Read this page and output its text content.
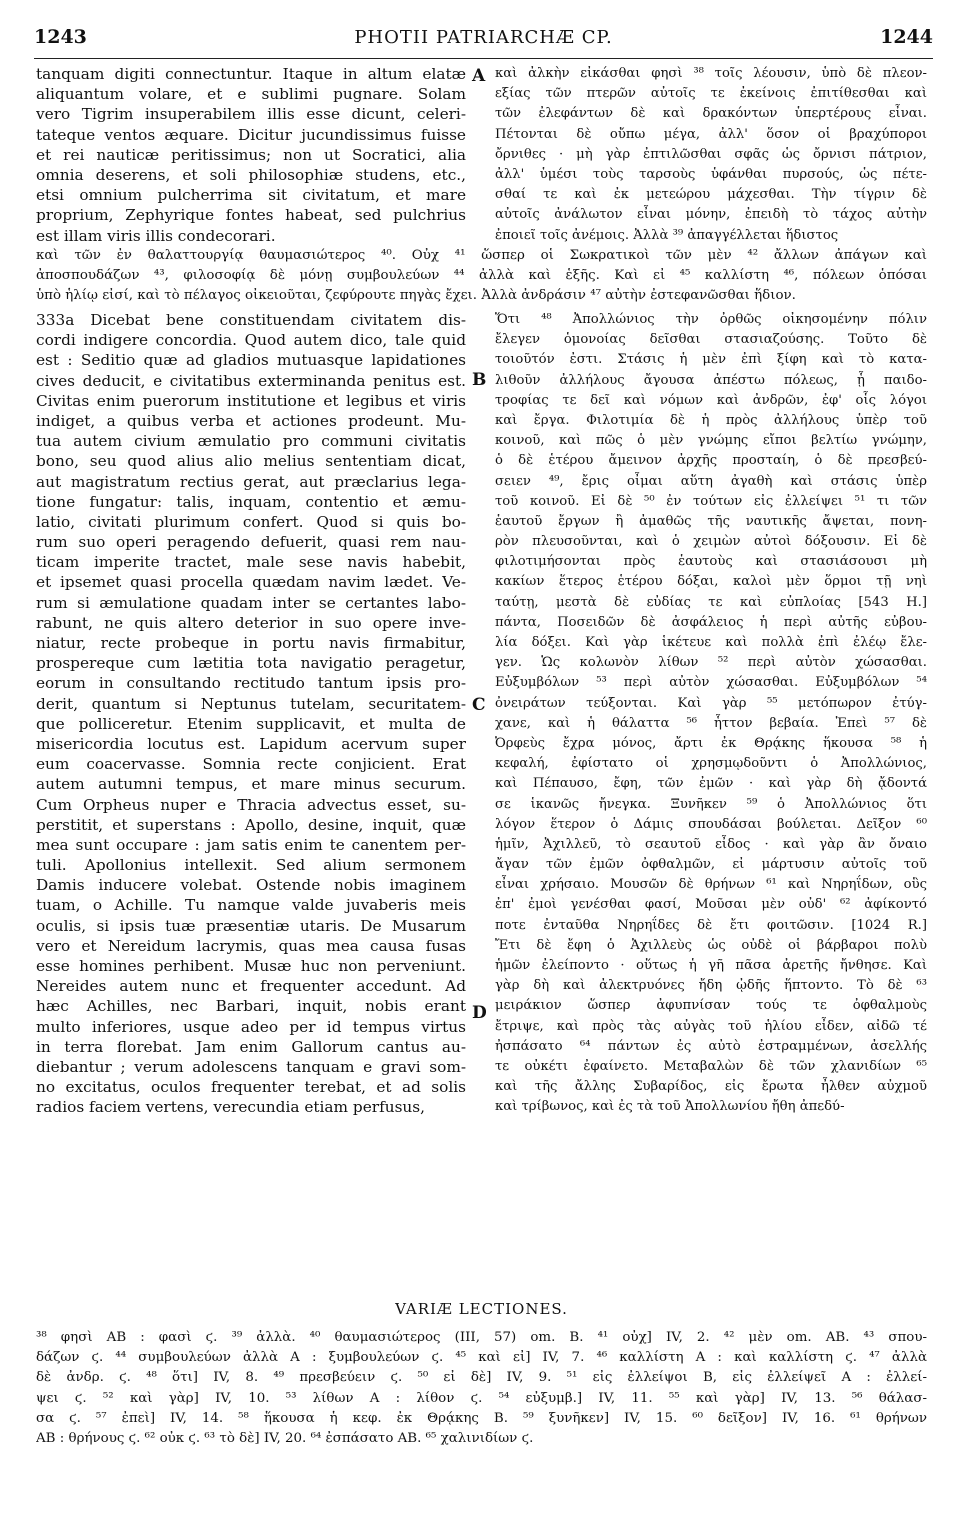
1243	PHOTII PATRIARCHÆ CP.	1244
tanquam digiti connectuntur. Itaque in altum elatæ
aliquantum volare, et e sublimi pugnare. Solam
vero Tigrim insuperabilem illis esse dicunt, celeri-
tateque ventos æquare. Dicitur jucundissimus fuisse
et rei nauticæ peritissimus; non ut Socratici, alia
omnia deserens, et soli philosophiæ studens, etc.,
etsi omnium pulcherrima sit civitatum, et mare
proprium, Zephyrique fontes habeat, sed pulchrius
est illam viris illis condecorari.
καὶ ἀλκὴν εἰκάσθαι φησὶ ³⁸ τοῖς λέουσιν, ὑπὸ δὲ πλεον-
εξίας τῶν πτερῶν αὐτοῖς τε ἐκείνοις ἐπιτίθεσθαι καὶ
τῶν ἐλεφάντων δὲ καὶ δρακόντων ὑπερτέρους εἶναι.
Πέτονται δὲ οὔπω μέγα, ἀλλ' ὅσον οἱ βραχύποροι
ὄρνιθες · μὴ γὰρ ἐπτιλῶσθαι σφᾶς ὡς ὄρνισι πάτριον,
ἀλλ' ὑμέσι τοὺς ταρσοὺς ὑφάνθαι πυρσούς, ὡς πέτε-
σθαί τε καὶ ἐκ μετεώρου μάχεσθαι. Τὴν τίγριν δὲ
αὐτοῖς ἀνάλωτον εἶναι μόνην, ἐπειδὴ τὸ τάχος αὐτὴν
ἐποιεῖ τοῖς ἀνέμοις. Ἀλλὰ ³⁹ ἀπαγγέλλεται ἥδιστος
A
καὶ τῶν ἐν θαλαττουργίᾳ θαυμασιώτερος ⁴⁰. Οὐχ ⁴¹ ὥσπερ οἱ Σωκρατικοὶ τῶν μὲν ⁴² ἄλλων ἀπάγων καὶ
ἀποσπουδάζων ⁴³, φιλοσοφίᾳ δὲ μόνῃ συμβουλεύων ⁴⁴ ἀλλὰ καὶ ἑξῆς. Καὶ εἰ ⁴⁵ καλλίστη ⁴⁶, πόλεων ὁπόσαι
ὑπὸ ἡλίῳ εἰσί, καὶ τὸ πέλαγος οἰκειοῦται, ζεφύρουτε πηγὰς ἔχει. Ἀλλὰ ἀνδράσιν ⁴⁷ αὐτὴν ἐστεφανῶσθαι ἥδιον.
333a Dicebat bene constituendam civitatem dis-
cordi indigere concordia. Quod autem dico, tale quid
est : Seditio quæ ad gladios mutuasque lapidationes
cives deducit, e civitatibus exterminanda penitus est.
Civitas enim puerorum institutione et legibus et viris
indiget, a quibus verba et actiones prodeunt. Mu-
tua autem civium æmulatio pro communi civitatis
bono, seu quod alius alio melius sententiam dicat,
aut magistratum rectius gerat, aut præclarius lega-
tione fungatur: talis, inquam, contentio et æmu-
latio, civitati plurimum confert. Quod si quis bo-
rum suo operi peragendo defuerit, quasi rem nau-
ticam imperite tractet, male sese navis habebit,
et ipsemet quasi procella quædam navim lædet. Ve-
rum si æmulatione quadam inter se certantes labo-
rabunt, ne quis altero deterior in suo opere inve-
niatur, recte probeque in portu navis firmabitur,
prospereque cum lætitia tota navigatio peragetur,
eorum in consultando rectitudo tantum ipsis pro-
derit, quantum si Neptunus tutelam, securitatem-
que polliceretur. Etenim supplicavit, et multa de
misericordia locutus est. Lapidum acervum super
eum coacervasse. Somnia recte conjicient. Erat
autem autumni tempus, et mare minus securum.
Cum Orpheus nuper e Thracia advectus esset, su-
perstitit, et superstans : Apollo, desine, inquit, quæ
mea sunt occupare : jam satis enim te canentem per-
tuli. Apollonius intellexit. Sed alium sermonem
Damis inducere volebat. Ostende nobis imaginem
tuam, o Achille. Tu namque valde juvaberis meis
oculis, si ipsis tuæ præsentiæ utaris. De Musarum
vero et Nereidum lacrymis, quas mea causa fusas
esse homines perhibent. Musæ huc non perveniunt.
Nereides autem nunc et frequenter accedunt. Ad
hæc Achilles, nec Barbari, inquit, nobis erant
multo inferiores, usque adeo per id tempus virtus
in terra florebat. Jam enim Gallorum cantus au-
diebantur ; verum adolescens tanquam e gravi som-
no excitatus, oculos frequenter terebat, et ad solis
radios faciem vertens, verecundia etiam perfusus,
Ὅτι ⁴⁸ Ἀπολλώνιος τὴν ὀρθῶς οἰκησομένην πόλιν
ἔλεγεν ὁμονοίας δεῖσθαι στασιαζούσης. Τοῦτο δὲ
τοιοῦτόν ἐστι. Στάσις ἡ μὲν ἐπὶ ξίφη καὶ τὸ κατα-
λιθοῦν ἀλλήλους ἄγουσα ἀπέστω πόλεως, ᾗ παιδο-
τροφίας τε δεῖ καὶ νόμων καὶ ἀνδρῶν, ἐφ' οἷς λόγοι
καὶ ἔργα. Φιλοτιμία δὲ ἡ πρὸς ἀλλήλους ὑπὲρ τοῦ
κοινοῦ, καὶ πῶς ὁ μὲν γνώμης εἴποι βελτίω γνώμην,
ὁ δὲ ἑτέρου ἄμεινον ἀρχῆς προσταίη, ὁ δὲ πρεσβεύ-
σειεν ⁴⁹, ἔρις οἶμαι αὕτη ἀγαθὴ καὶ στάσις ὑπὲρ
τοῦ κοινοῦ. Εἰ δὲ ⁵⁰ ἐν τούτων εἰς ἐλλείψει ⁵¹ τι τῶν
ἑαυτοῦ ἔργων ἢ ἀμαθῶς τῆς ναυτικῆς ἄψεται, πονη-
ρὸν πλευσοῦνται, καὶ ὁ χειμὼν αὐτοὶ δόξουσιν. Εἰ δὲ
φιλοτιμήσονται πρὸς ἑαυτοὺς καὶ στασιάσουσι μὴ
κακίων ἕτερος ἑτέρου δόξαι, καλοὶ μὲν ὅρμοι τῇ νηὶ
ταύτῃ, μεστὰ δὲ εὐδίας τε καὶ εὐπλοίας [543 H.]
πάντα, Ποσειδῶν δὲ ἀσφάλειος ἡ περὶ αὐτῆς εὐβου-
λία δόξει. Καὶ γὰρ ἱκέτευε καὶ πολλὰ ἐπὶ ἐλέῳ ἔλε-
γεν. Ὡς κολωνὸν λίθων ⁵² περὶ αὐτὸν χώσασθαι.
Εὐξυμβόλων ⁵³ περὶ αὐτὸν χώσασθαι. Εὐξυμβόλων ⁵⁴
ὀνειράτων τεύξονται. Καὶ γὰρ ⁵⁵ μετόπωρον ἐτύγ-
χανε, καὶ ἡ θάλαττα ⁵⁶ ἧττον βεβαία. Ἐπεὶ ⁵⁷ δὲ
Ὀρφεὺς ἔχρα μόνος, ἄρτι ἐκ Θρᾴκης ἥκουσα ⁵⁸ ἡ
κεφαλή, ἐφίστατο οἱ χρησμῳδοῦντι ὁ Ἀπολλώνιος,
καὶ Πέπαυσο, ἔφη, τῶν ἐμῶν · καὶ γὰρ δὴ ᾄδοντά
σε ἱκανῶς ἤνεγκα. Ξυνῆκεν ⁵⁹ ὁ Ἀπολλώνιος ὅτι
λόγον ἕτερον ὁ Δάμις σπουδάσαι βούλεται. Δεῖξον ⁶⁰
ἡμῖν, Ἀχιλλεῦ, τὸ σεαυτοῦ εἶδος · καὶ γὰρ ἂν ὄναιο
ἄγαν τῶν ἐμῶν ὀφθαλμῶν, εἰ μάρτυσιν αὐτοῖς τοῦ
εἶναι χρήσαιο. Μουσῶν δὲ θρήνων ⁶¹ καὶ Νηρηΐδων, οὓς
ἐπ' ἐμοὶ γενέσθαι φασί, Μοῦσαι μὲν οὐδ' ⁶² ἀφίκοντό
ποτε ἐνταῦθα Νηρηΐδες δὲ ἔτι φοιτῶσιν. [1024 R.]
Ἔτι δὲ ἔφη ὁ Ἀχιλλεὺς ὡς οὐδὲ οἱ βάρβαροι πολὺ
ἡμῶν ἐλείποντο · οὕτως ἡ γῆ πᾶσα ἀρετῆς ἤνθησε. Καὶ
γὰρ δὴ καὶ ἀλεκτρυόνες ἤδη ᾠδῆς ἥπτοντο. Τὸ δὲ ⁶³
μειράκιον ὥσπερ ἀφυπνίσαν τούς τε ὀφθαλμοὺς
ἔτριψε, καὶ πρὸς τὰς αὐγὰς τοῦ ἡλίου εἶδεν, αἰδῶ τέ
ἠσπάσατο ⁶⁴ πάντων ἐς αὐτὸ ἐστραμμένων, ἀσελλής
τε οὐκέτι ἐφαίνετο. Μεταβαλὼν δὲ τῶν χλανιδίων ⁶⁵
καὶ τῆς ἄλλης Συβαρίδος, εἰς ἔρωτα ἦλθεν αὐχμοῦ
καὶ τρίβωνος, καὶ ἐς τὰ τοῦ Ἀπολλωνίου ἤθη ἀπεδύ-
B
C
D
VARIÆ LECTIONES.
³⁸ φησὶ AB : φασὶ ϛ. ³⁹ ἀλλὰ. ⁴⁰ θαυμασιώτερος (III, 57) om. B. ⁴¹ οὐχ] IV, 2. ⁴² μὲν om. AB. ⁴³ σπου-
δάζων ϛ. ⁴⁴ συμβουλεύων ἀλλὰ A : ξυμβουλεύων ϛ. ⁴⁵ καὶ εἰ] IV, 7. ⁴⁶ καλλίστη A : καὶ καλλίστη ϛ. ⁴⁷ ἀλλὰ
δὲ ἀνδρ. ϛ. ⁴⁸ ὅτι] IV, 8. ⁴⁹ πρεσβεύειν ϛ. ⁵⁰ εἰ δὲ] IV, 9. ⁵¹ εἰς ἐλλείψοι B, εἰς ἐλλείψεῖ A : ἐλλεί-
ψει ϛ. ⁵² καὶ γὰρ] IV, 10. ⁵³ λίθων A : λίθον ϛ. ⁵⁴ εὐξυμβ.] IV, 11. ⁵⁵ καὶ γὰρ] IV, 13. ⁵⁶ θάλασ-
σα ϛ. ⁵⁷ ἐπεὶ] IV, 14. ⁵⁸ ἥκουσα ἡ κεφ. ἐκ Θρᾴκης B. ⁵⁹ ξυνῆκεν] IV, 15. ⁶⁰ δεῖξον] IV, 16. ⁶¹ θρήνων
AB : θρήνους ϛ. ⁶² οὐκ ϛ. ⁶³ τὸ δὲ] IV, 20. ⁶⁴ ἐσπάσατο AB. ⁶⁵ χαλινιδίων ϛ.
